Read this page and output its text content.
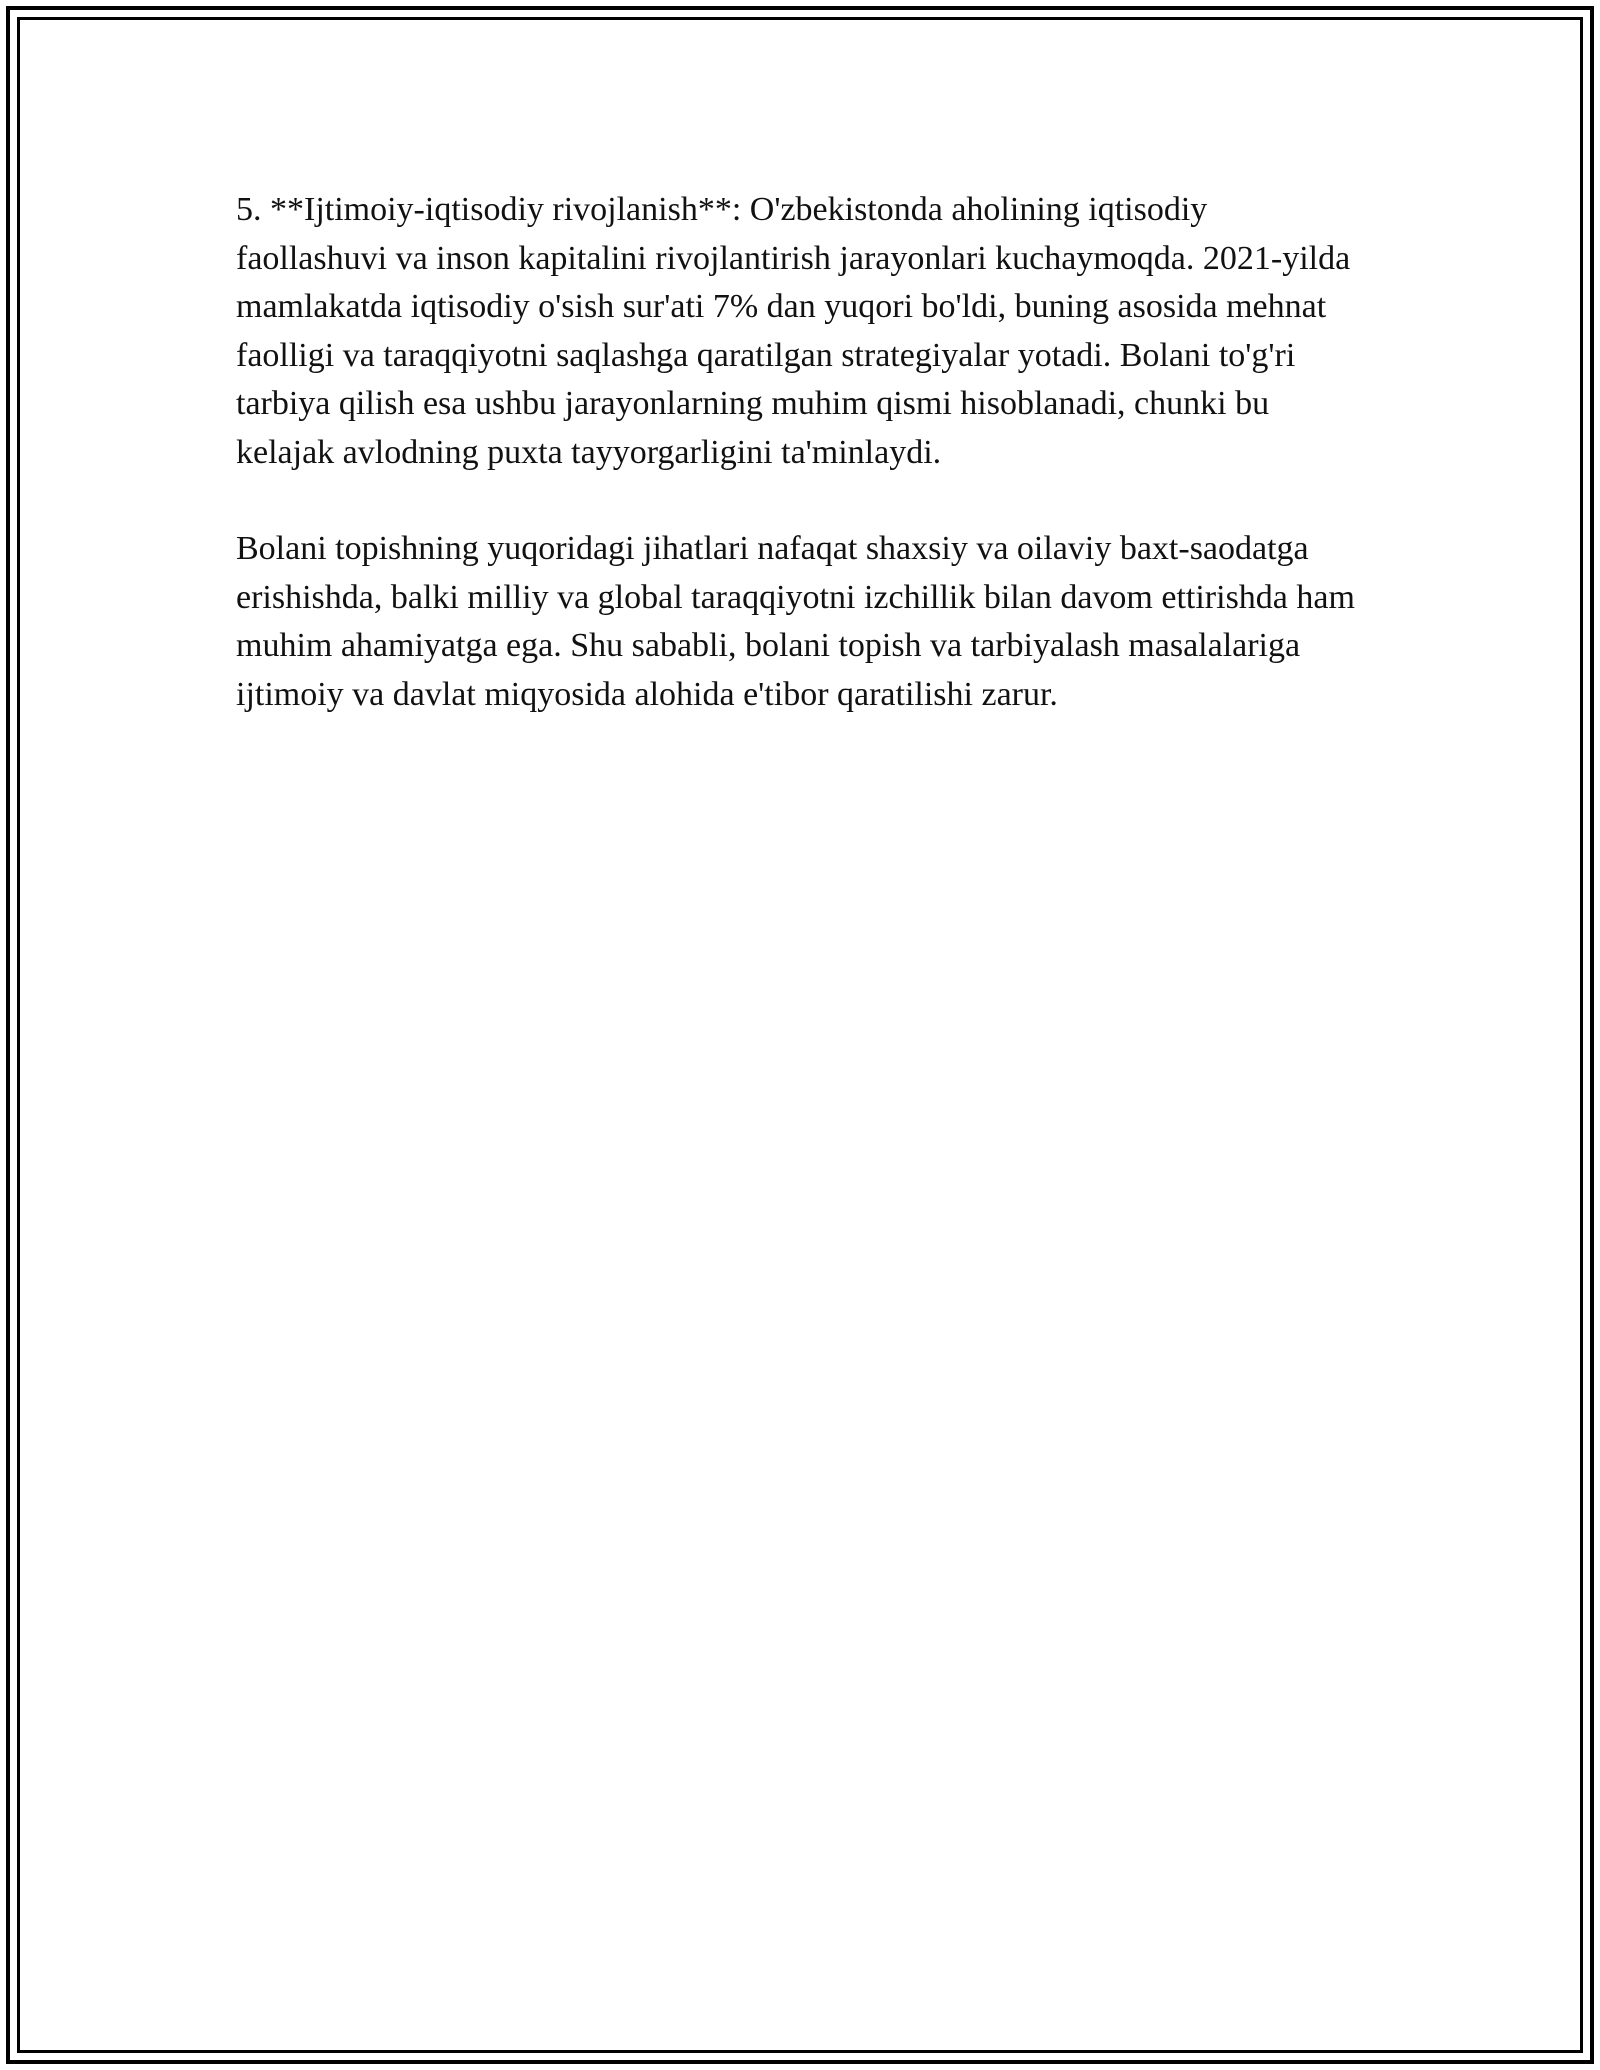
5. **Ijtimoiy-iqtisodiy rivojlanish**: O'zbekistonda aholining iqtisodiy faollashuvi va inson kapitalini rivojlantirish jarayonlari kuchaymoqda. 2021-yilda mamlakatda iqtisodiy o'sish sur'ati 7% dan yuqori bo'ldi, buning asosida mehnat faolligi va taraqqiyotni saqlashga qaratilgan strategiyalar yotadi. Bolani to'g'ri tarbiya qilish esa ushbu jarayonlarning muhim qismi hisoblanadi, chunki bu kelajak avlodning puxta tayyorgarligini ta'minlaydi.

Bolani topishning yuqoridagi jihatlari nafaqat shaxsiy va oilaviy baxt-saodatga erishishda, balki milliy va global taraqqiyotni izchillik bilan davom ettirishda ham muhim ahamiyatga ega. Shu sababli, bolani topish va tarbiyalash masalalariga ijtimoiy va davlat miqyosida alohida e'tibor qaratilishi zarur.
